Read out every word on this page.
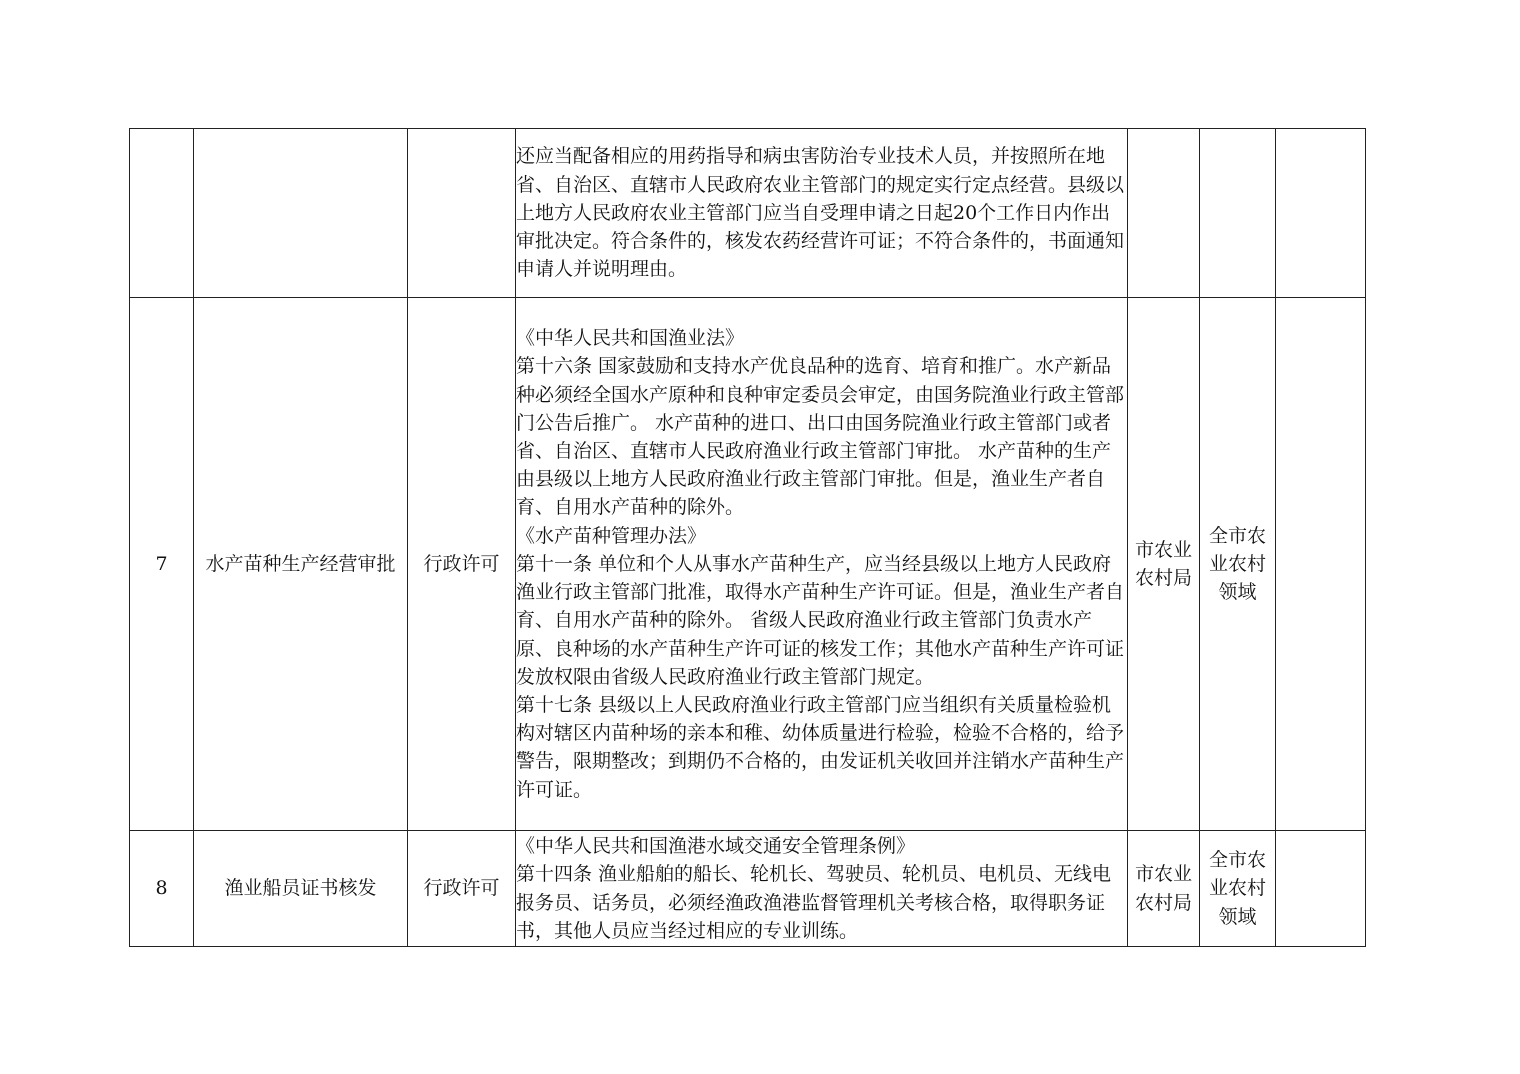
			还应当配备相应的用药指导和病虫害防治专业技术人员，并按照所在地省、自治区、直辖市人民政府农业主管部门的规定实行定点经营。县级以上地方人民政府农业主管部门应当自受理申请之日起20个工作日内作出审批决定。符合条件的，核发农药经营许可证；不符合条件的，书面通知申请人并说明理由。			

7	水产苗种生产经营审批	行政许可	《中华人民共和国渔业法》
第十六条 国家鼓励和支持水产优良品种的选育、培育和推广。水产新品种必须经全国水产原种和良种审定委员会审定，由国务院渔业行政主管部门公告后推广。 水产苗种的进口、出口由国务院渔业行政主管部门或者省、自治区、直辖市人民政府渔业行政主管部门审批。 水产苗种的生产由县级以上地方人民政府渔业行政主管部门审批。但是，渔业生产者自育、自用水产苗种的除外。
《水产苗种管理办法》
第十一条 单位和个人从事水产苗种生产，应当经县级以上地方人民政府渔业行政主管部门批准，取得水产苗种生产许可证。但是，渔业生产者自育、自用水产苗种的除外。 省级人民政府渔业行政主管部门负责水产原、良种场的水产苗种生产许可证的核发工作；其他水产苗种生产许可证发放权限由省级人民政府渔业行政主管部门规定。
第十七条 县级以上人民政府渔业行政主管部门应当组织有关质量检验机构对辖区内苗种场的亲本和稚、幼体质量进行检验，检验不合格的，给予警告，限期整改；到期仍不合格的，由发证机关收回并注销水产苗种生产许可证。	市农业农村局	全市农业农村领域	
8	渔业船员证书核发	行政许可	《中华人民共和国渔港水域交通安全管理条例》
第十四条 渔业船舶的船长、轮机长、驾驶员、轮机员、电机员、无线电报务员、话务员，必须经渔政渔港监督管理机关考核合格，取得职务证书，其他人员应当经过相应的专业训练。	市农业农村局	全市农业农村领域	
